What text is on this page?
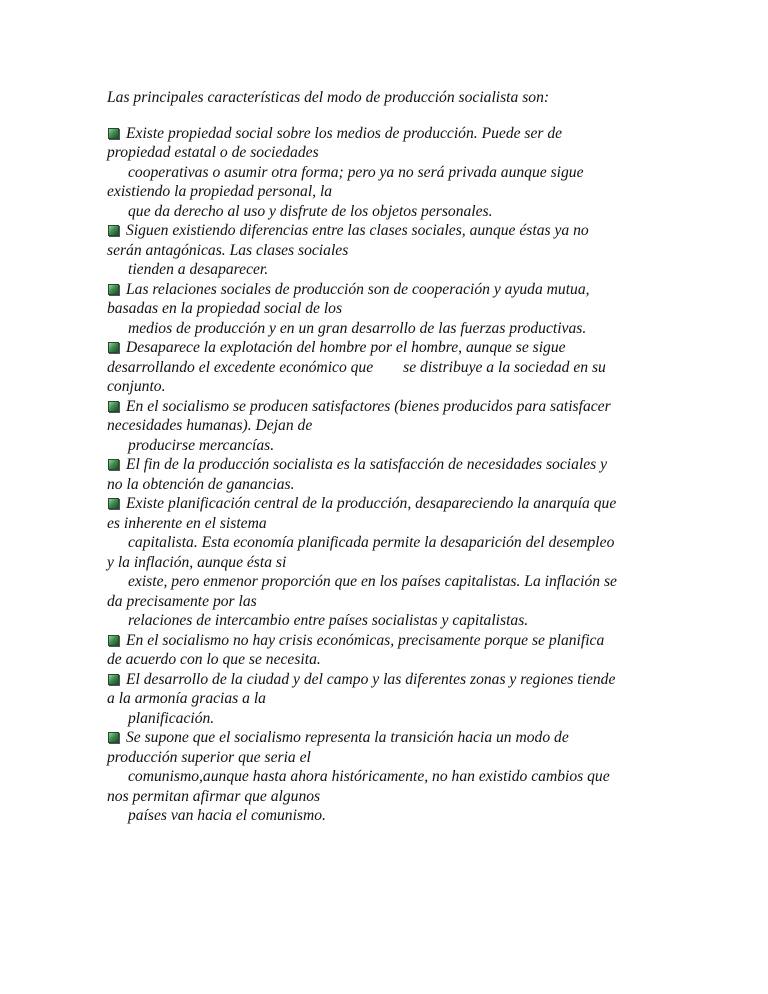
Las principales características del modo de producción socialista son:
Existe propiedad social sobre los medios de producción. Puede ser de
propiedad estatal o de sociedades
cooperativas o asumir otra forma; pero ya no será privada aunque sigue
existiendo la propiedad personal, la
que da derecho al uso y disfrute de los objetos personales.
Siguen existiendo diferencias entre las clases sociales, aunque éstas ya no
serán antagónicas. Las clases sociales
tienden a desaparecer.
Las relaciones sociales de producción son de cooperación y ayuda mutua,
basadas en la propiedad social de los
medios de producción y en un gran desarrollo de las fuerzas productivas.
Desaparece la explotación del hombre por el hombre, aunque se sigue
desarrollando el excedente económico que se distribuye a la sociedad en su
conjunto.
En el socialismo se producen satisfactores (bienes producidos para satisfacer
necesidades humanas). Dejan de
producirse mercancías.
El fin de la producción socialista es la satisfacción de necesidades sociales y
no la obtención de ganancias.
Existe planificación central de la producción, desapareciendo la anarquía que
es inherente en el sistema
capitalista. Esta economía planificada permite la desaparición del desempleo
y la inflación, aunque ésta si
existe, pero enmenor proporción que en los países capitalistas. La inflación se
da precisamente por las
relaciones de intercambio entre países socialistas y capitalistas.
En el socialismo no hay crisis económicas, precisamente porque se planifica
de acuerdo con lo que se necesita.
El desarrollo de la ciudad y del campo y las diferentes zonas y regiones tiende
a la armonía gracias a la
planificación.
Se supone que el socialismo representa la transición hacia un modo de
producción superior que seria el
comunismo,aunque hasta ahora históricamente, no han existido cambios que
nos permitan afirmar que algunos
países van hacia el comunismo.
